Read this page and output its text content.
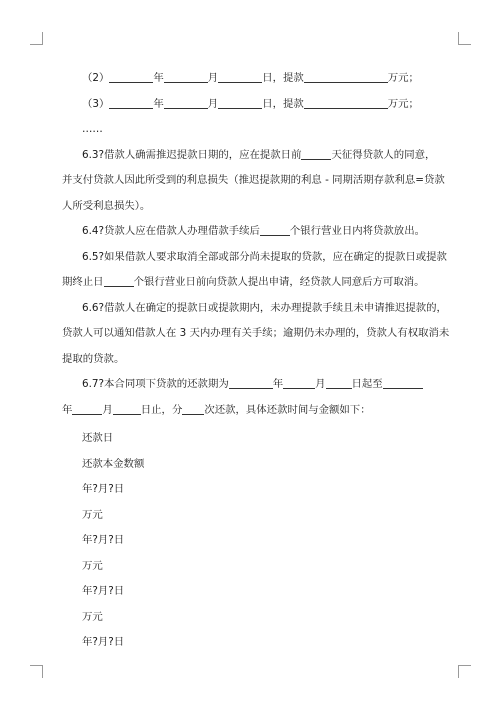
（2）	年	月	日，提款	万元；
（3）	年	月	日，提款	万元；
……
6.3?借款人确需推迟提款日期的，应在提款日前	天征得贷款人的同意，
并支付贷款人因此所受到的利息损失（推迟提款期的利息 - 同期活期存款利息=贷款
人所受利息损失）。
6.4?贷款人应在借款人办理借款手续后	个银行营业日内将贷款放出。
6.5?如果借款人要求取消全部或部分尚未提取的贷款，应在确定的提款日或提款
期终止日	个银行营业日前向贷款人提出申请，经贷款人同意后方可取消。
6.6?借款人在确定的提款日或提款期内，未办理提款手续且未申请推迟提款的，
贷款人可以通知借款人在 3 天内办理有关手续；逾期仍未办理的，贷款人有权取消未
提取的贷款。
6.7?本合同项下贷款的还款期为	年	月	日起至
年	月	日止，分 次还款，具体还款时间与金额如下：
还款日
还款本金数额
年?月?日
万元
年?月?日
万元
年?月?日
万元
年?月?日
